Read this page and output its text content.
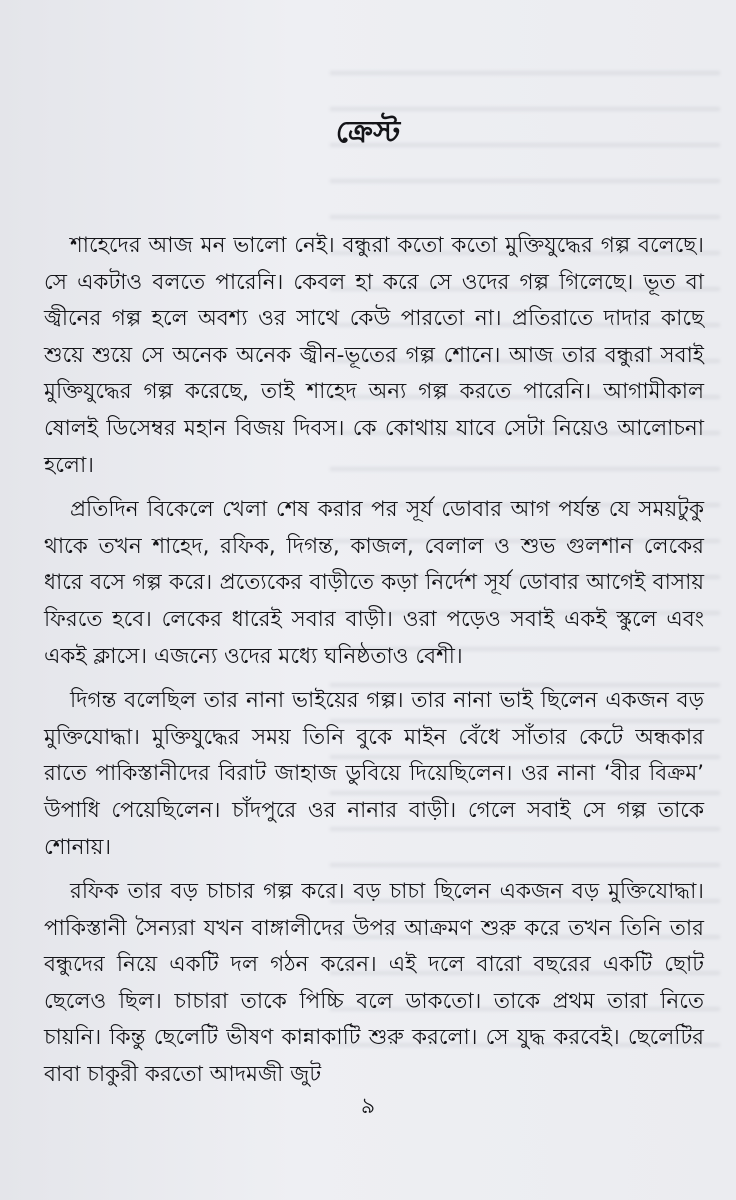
ক্রেস্ট

শাহেদের আজ মন ভালো নেই। বন্ধুরা কতো কতো মুক্তিযুদ্ধের গল্প বলেছে। সে একটাও বলতে পারেনি। কেবল হা করে সে ওদের গল্প গিলেছে। ভূত বা জ্বীনের গল্প হলে অবশ্য ওর সাথে কেউ পারতো না। প্রতিরাতে দাদার কাছে শুয়ে শুয়ে সে অনেক অনেক জ্বীন-ভূতের গল্প শোনে। আজ তার বন্ধুরা সবাই মুক্তিযুদ্ধের গল্প করেছে, তাই শাহেদ অন্য গল্প করতে পারেনি। আগামীকাল ষোলই ডিসেম্বর মহান বিজয় দিবস। কে কোথায় যাবে সেটা নিয়েও আলোচনা হলো।

প্রতিদিন বিকেলে খেলা শেষ করার পর সূর্য ডোবার আগ পর্যন্ত যে সময়টুকু থাকে তখন শাহেদ, রফিক, দিগন্ত, কাজল, বেলাল ও শুভ গুলশান লেকের ধারে বসে গল্প করে। প্রত্যেকের বাড়ীতে কড়া নির্দেশ সূর্য ডোবার আগেই বাসায় ফিরতে হবে। লেকের ধারেই সবার বাড়ী। ওরা পড়েও সবাই একই স্কুলে এবং একই ক্লাসে। এজন্যে ওদের মধ্যে ঘনিষ্ঠতাও বেশী।

দিগন্ত বলেছিল তার নানা ভাইয়ের গল্প। তার নানা ভাই ছিলেন একজন বড় মুক্তিযোদ্ধা। মুক্তিযুদ্ধের সময় তিনি বুকে মাইন বেঁধে সাঁতার কেটে অন্ধকার রাতে পাকিস্তানীদের বিরাট জাহাজ ডুবিয়ে দিয়েছিলেন। ওর নানা ‘বীর বিক্রম’ উপাধি পেয়েছিলেন। চাঁদপুরে ওর নানার বাড়ী। গেলে সবাই সে গল্প তাকে শোনায়।

রফিক তার বড় চাচার গল্প করে। বড় চাচা ছিলেন একজন বড় মুক্তিযোদ্ধা। পাকিস্তানী সৈন্যরা যখন বাঙ্গালীদের উপর আক্রমণ শুরু করে তখন তিনি তার বন্ধুদের নিয়ে একটি দল গঠন করেন। এই দলে বারো বছরের একটি ছোট ছেলেও ছিল। চাচারা তাকে পিচ্চি বলে ডাকতো। তাকে প্রথম তারা নিতে চায়নি। কিন্তু ছেলেটি ভীষণ কান্নাকাটি শুরু করলো। সে যুদ্ধ করবেই। ছেলেটির বাবা চাকুরী করতো আদমজী জুট

৯
